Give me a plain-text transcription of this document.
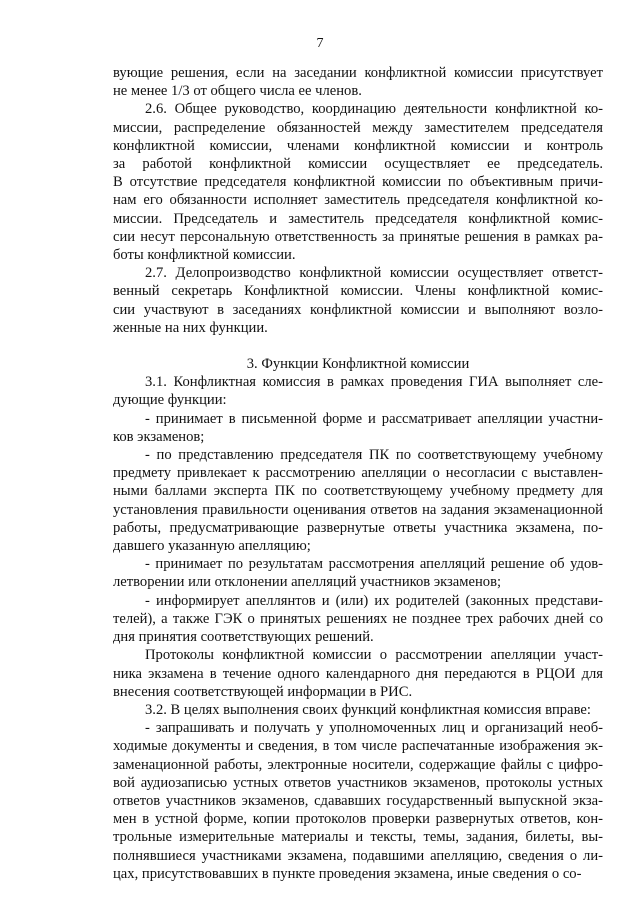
7

вующие решения, если на заседании конфликтной комиссии присутствует
не менее 1/3 от общего числа ее членов.

2.6. Общее руководство, координацию деятельности конфликтной ко-
миссии, распределение обязанностей между заместителем председателя
конфликтной комиссии, членами конфликтной комиссии и контроль
за работой конфликтной комиссии осуществляет ее председатель.
В отсутствие председателя конфликтной комиссии по объективным причи-
нам его обязанности исполняет заместитель председателя конфликтной ко-
миссии. Председатель и заместитель председателя конфликтной комис-
сии несут персональную ответственность за принятые решения в рамках ра-
боты конфликтной комиссии.

2.7. Делопроизводство конфликтной комиссии осуществляет ответст-
венный секретарь Конфликтной комиссии. Члены конфликтной комис-
сии участвуют в заседаниях конфликтной комиссии и выполняют возло-
женные на них функции.

3. Функции Конфликтной комиссии

3.1. Конфликтная комиссия в рамках проведения ГИА выполняет сле-
дующие функции:

- принимает в письменной форме и рассматривает апелляции участни-
ков экзаменов;

- по представлению председателя ПК по соответствующему учебному
предмету привлекает к рассмотрению апелляции о несогласии с выставлен-
ными баллами эксперта ПК по соответствующему учебному предмету для
установления правильности оценивания ответов на задания экзаменационной
работы, предусматривающие развернутые ответы участника экзамена, по-
давшего указанную апелляцию;

- принимает по результатам рассмотрения апелляций решение об удов-
летворении или отклонении апелляций участников экзаменов;

- информирует апеллянтов и (или) их родителей (законных представи-
телей), а также ГЭК о принятых решениях не позднее трех рабочих дней со
дня принятия соответствующих решений.

Протоколы конфликтной комиссии о рассмотрении апелляции участ-
ника экзамена в течение одного календарного дня передаются в РЦОИ для
внесения соответствующей информации в РИС.

3.2. В целях выполнения своих функций конфликтная комиссия вправе:

- запрашивать и получать у уполномоченных лиц и организаций необ-
ходимые документы и сведения, в том числе распечатанные изображения эк-
заменационной работы, электронные носители, содержащие файлы с цифро-
вой аудиозаписью устных ответов участников экзаменов, протоколы устных
ответов участников экзаменов, сдававших государственный выпускной экза-
мен в устной форме, копии протоколов проверки развернутых ответов, кон-
трольные измерительные материалы и тексты, темы, задания, билеты, вы-
полнявшиеся участниками экзамена, подавшими апелляцию, сведения о ли-
цах, присутствовавших в пункте проведения экзамена, иные сведения о со-
